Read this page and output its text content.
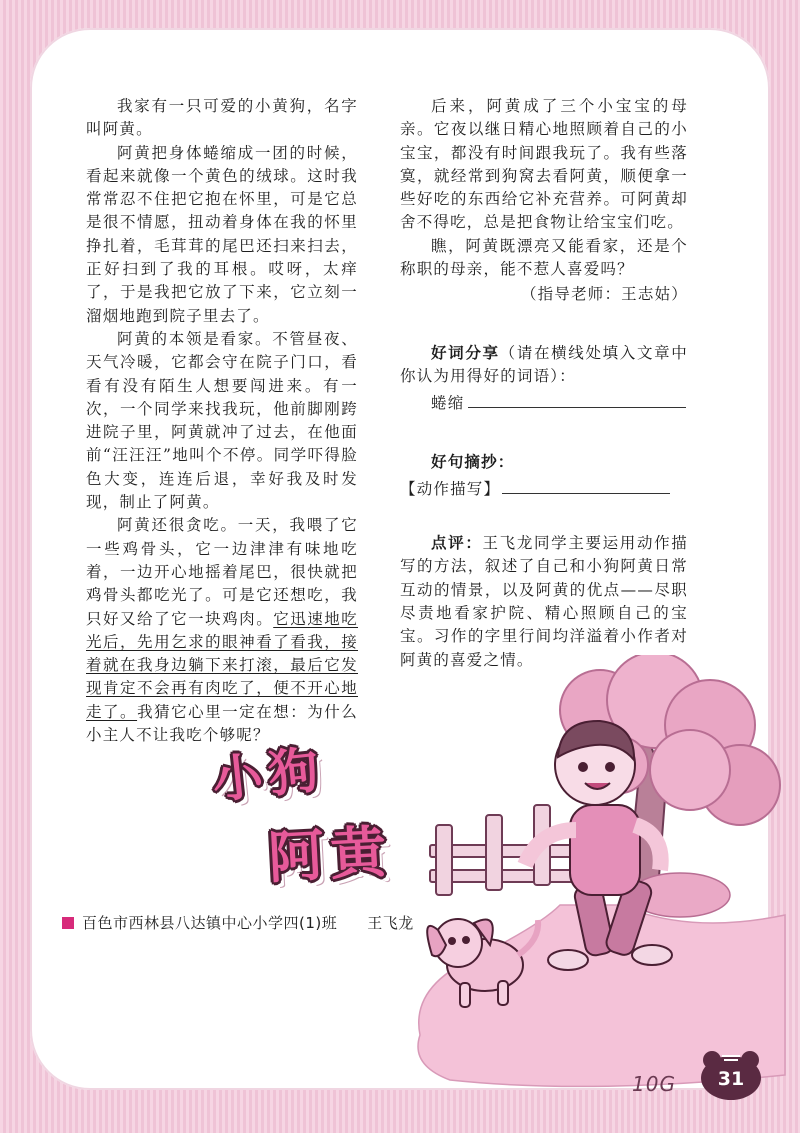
我家有一只可爱的小黄狗，名字叫阿黄。

阿黄把身体蜷缩成一团的时候，看起来就像一个黄色的绒球。这时我常常忍不住把它抱在怀里，可是它总是很不情愿，扭动着身体在我的怀里挣扎着，毛茸茸的尾巴还扫来扫去，正好扫到了我的耳根。哎呀，太痒了，于是我把它放了下来，它立刻一溜烟地跑到院子里去了。

阿黄的本领是看家。不管昼夜、天气冷暖，它都会守在院子门口，看看有没有陌生人想要闯进来。有一次，一个同学来找我玩，他前脚刚跨进院子里，阿黄就冲了过去，在他面前“汪汪汪”地叫个不停。同学吓得脸色大变，连连后退，幸好我及时发现，制止了阿黄。

阿黄还很贪吃。一天，我喂了它一些鸡骨头，它一边津津有味地吃着，一边开心地摇着尾巴，很快就把鸡骨头都吃光了。可是它还想吃，我只好又给了它一块鸡肉。它迅速地吃光后，先用乞求的眼神看了看我，接着就在我身边躺下来打滚，最后它发现肯定不会再有肉吃了，便不开心地走了。我猜它心里一定在想：为什么小主人不让我吃个够呢？

后来，阿黄成了三个小宝宝的母亲。它夜以继日精心地照顾着自己的小宝宝，都没有时间跟我玩了。我有些落寞，就经常到狗窝去看阿黄，顺便拿一些好吃的东西给它补充营养。可阿黄却舍不得吃，总是把食物让给宝宝们吃。

瞧，阿黄既漂亮又能看家，还是个称职的母亲，能不惹人喜爱吗？

（指导老师：王志姑）

好词分享（请在横线处填入文章中你认为用得好的词语）：

蜷缩

好句摘抄：

【动作描写】

点评：王飞龙同学主要运用动作描写的方法，叙述了自己和小狗阿黄日常互动的情景，以及阿黄的优点——尽职尽责地看家护院、精心照顾自己的宝宝。习作的字里行间均洋溢着小作者对阿黄的喜爱之情。

小狗
阿黄
百色市西林县八达镇中心小学四(1)班 王飞龙
10G	31
